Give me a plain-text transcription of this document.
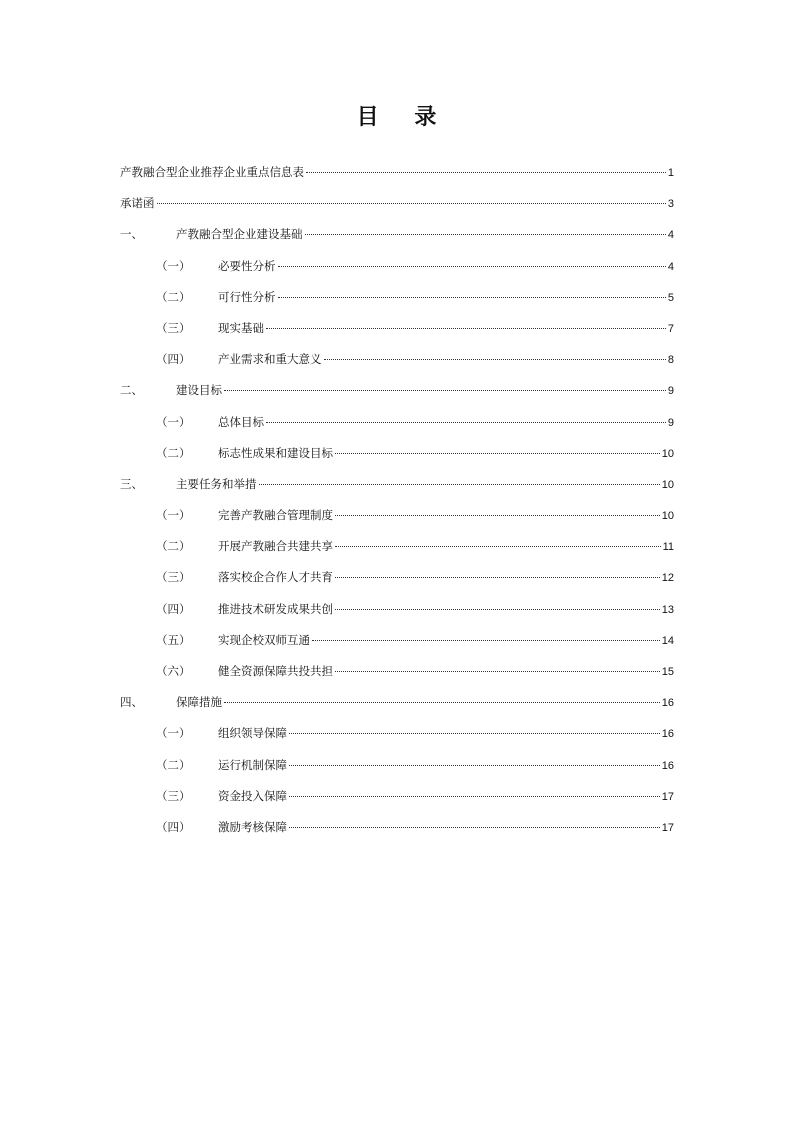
目 录
产教融合型企业推荐企业重点信息表	1
承诺函	3
一、	产教融合型企业建设基础	4
（一）	必要性分析	4
（二）	可行性分析	5
（三）	现实基础	7
（四）	产业需求和重大意义	8
二、	建设目标	9
（一）	总体目标	9
（二）	标志性成果和建设目标	10
三、	主要任务和举措	10
（一）	完善产教融合管理制度	10
（二）	开展产教融合共建共享	11
（三）	落实校企合作人才共育	12
（四）	推进技术研发成果共创	13
（五）	实现企校双师互通	14
（六）	健全资源保障共投共担	15
四、	保障措施	16
（一）	组织领导保障	16
（二）	运行机制保障	16
（三）	资金投入保障	17
（四）	激励考核保障	17
